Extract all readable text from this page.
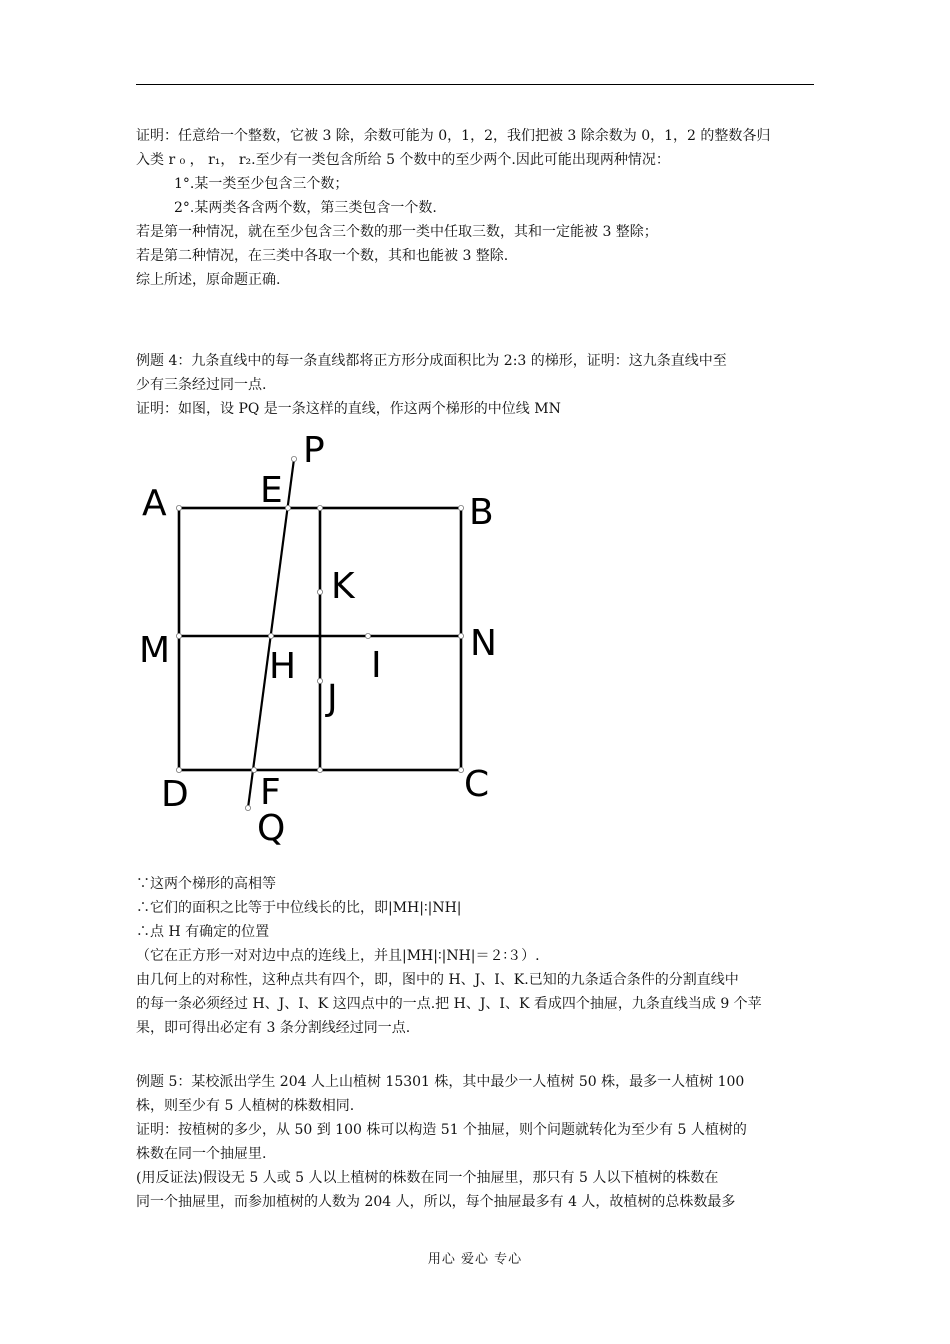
证明：任意给一个整数，它被 3 除，余数可能为 0，1，2，我们把被 3 除余数为 0，1，2 的整数各归
入类 r ₀ ， r₁， r₂.至少有一类包含所给 5 个数中的至少两个.因此可能出现两种情况：
1°.某一类至少包含三个数；
2°.某两类各含两个数，第三类包含一个数.
若是第一种情况，就在至少包含三个数的那一类中任取三数，其和一定能被 3 整除；
若是第二种情况，在三类中各取一个数，其和也能被 3 整除.
综上所述，原命题正确.
例题 4：九条直线中的每一条直线都将正方形分成面积比为 2:3 的梯形，证明：这九条直线中至
少有三条经过同一点.
证明：如图，设 PQ 是一条这样的直线，作这两个梯形的中位线 MN
P
E
A	B
K
M	N
H I
J
D F	C
Q
∵这两个梯形的高相等
∴它们的面积之比等于中位线长的比，即|MH|∶|NH|
∴点 H 有确定的位置
（它在正方形一对对边中点的连线上，并且|MH|∶|NH|＝２∶３）.
由几何上的对称性，这种点共有四个，即，图中的 H、J、I、K.已知的九条适合条件的分割直线中
的每一条必须经过 H、J、I、K 这四点中的一点.把 H、J、I、K 看成四个抽屉，九条直线当成 9 个苹
果，即可得出必定有 3 条分割线经过同一点.
例题 5：某校派出学生 204 人上山植树 15301 株，其中最少一人植树 50 株，最多一人植树 100
株，则至少有 5 人植树的株数相同.
证明：按植树的多少，从 50 到 100 株可以构造 51 个抽屉，则个问题就转化为至少有 5 人植树的
株数在同一个抽屉里.
(用反证法)假设无 5 人或 5 人以上植树的株数在同一个抽屉里，那只有 5 人以下植树的株数在
同一个抽屉里，而参加植树的人数为 204 人，所以，每个抽屉最多有 4 人，故植树的总株数最多
用心 爱心 专心
